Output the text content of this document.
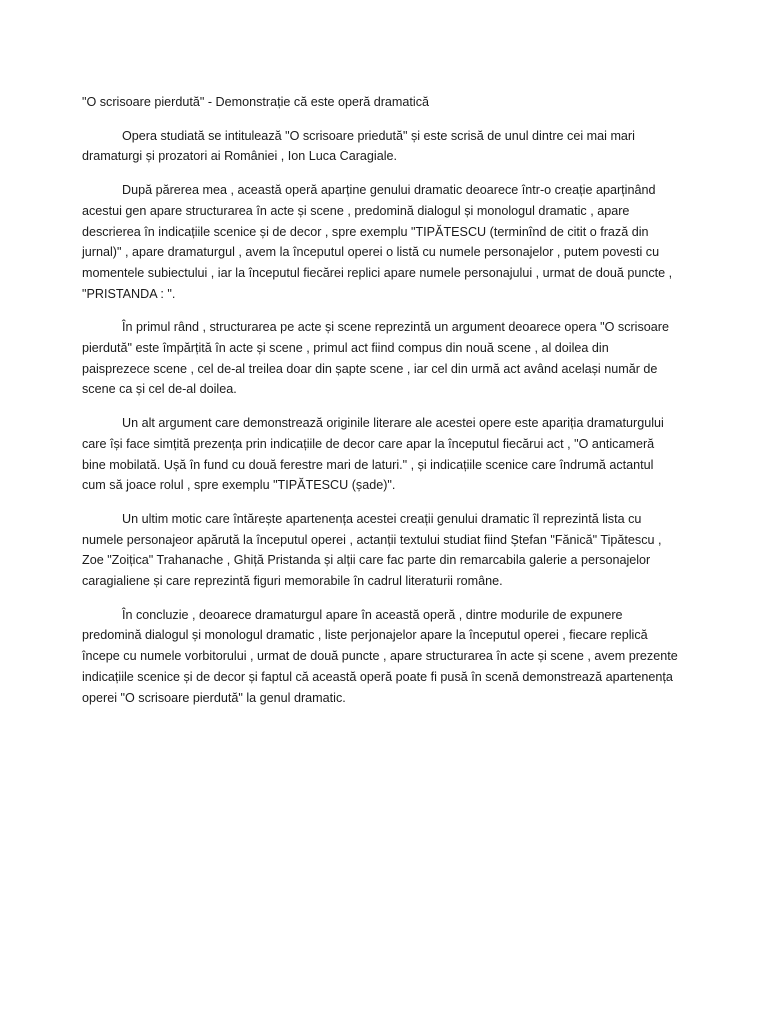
"O scrisoare pierdută" - Demonstrație că este operă dramatică

Opera studiată se intitulează "O scrisoare priedută" și este scrisă de unul dintre cei mai mari dramaturgi și prozatori ai României , Ion Luca Caragiale.

După părerea mea , această operă aparține genului dramatic deoarece într-o creație aparținând acestui gen apare structurarea în acte și scene , predomină dialogul și monologul dramatic , apare descrierea în indicațiile scenice și de decor , spre exemplu "TIPĂTESCU (terminînd de citit o frază din jurnal)" , apare dramaturgul , avem la începutul operei o listă cu numele personajelor , putem povesti cu momentele subiectului , iar la începutul fiecărei replici apare numele personajului , urmat de două puncte , "PRISTANDA : ".

În primul rând , structurarea pe acte și scene reprezintă un argument deoarece opera "O scrisoare pierdută" este împărțită în acte și scene , primul act fiind compus din nouă scene , al doilea din paisprezece scene , cel de-al treilea doar din șapte scene , iar cel din urmă act având același număr de scene ca și cel de-al doilea.

Un alt argument care demonstrează originile literare ale acestei opere este apariția dramaturgului care își face simțită prezența prin indicațiile de decor care apar la începutul fiecărui act , "O anticameră bine mobilată. Ușă în fund cu două ferestre mari de laturi." , și indicațiile scenice care îndrumă actantul cum să joace rolul , spre exemplu "TIPĂTESCU (șade)".

Un ultim motic care întărește apartenența acestei creații genului dramatic îl reprezintă lista cu numele personajeor apărută la începutul operei , actanții textului studiat fiind Ștefan "Fănică" Tipătescu , Zoe "Zoițica" Trahanache , Ghiță Pristanda și alții care fac parte din remarcabila galerie a personajelor caragialiene și care reprezintă figuri memorabile în cadrul literaturii române.

În concluzie , deoarece dramaturgul apare în această operă , dintre modurile de expunere predomină dialogul și monologul dramatic , liste perjonajelor apare la începutul operei , fiecare replică începe cu numele vorbitorului , urmat de două puncte , apare structurarea în acte și scene , avem prezente indicațiile scenice și de decor și faptul că această operă poate fi pusă în scenă demonstrează apartenența operei "O scrisoare pierdută" la genul dramatic.
